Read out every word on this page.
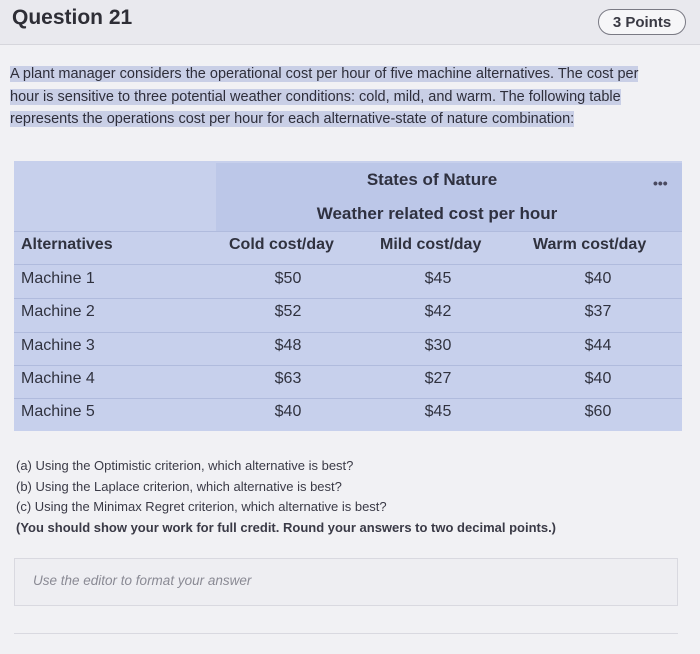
Question 21	3 Points
A plant manager considers the operational cost per hour of five machine alternatives. The cost per
hour is sensitive to three potential weather conditions: cold, mild, and warm. The following table
represents the operations cost per hour for each alternative-state of nature combination:
•••
States of Nature
Weather related cost per hour
Alternatives	Cold cost/day	Mild cost/day	Warm cost/day
Machine 1	$50	$45	$40
Machine 2	$52	$42	$37
Machine 3	$48	$30	$44
Machine 4	$63	$27	$40
Machine 5	$40	$45	$60
(a) Using the Optimistic criterion, which alternative is best?
(b) Using the Laplace criterion, which alternative is best?
(c) Using the Minimax Regret criterion, which alternative is best?
(You should show your work for full credit. Round your answers to two decimal points.)
Use the editor to format your answer
